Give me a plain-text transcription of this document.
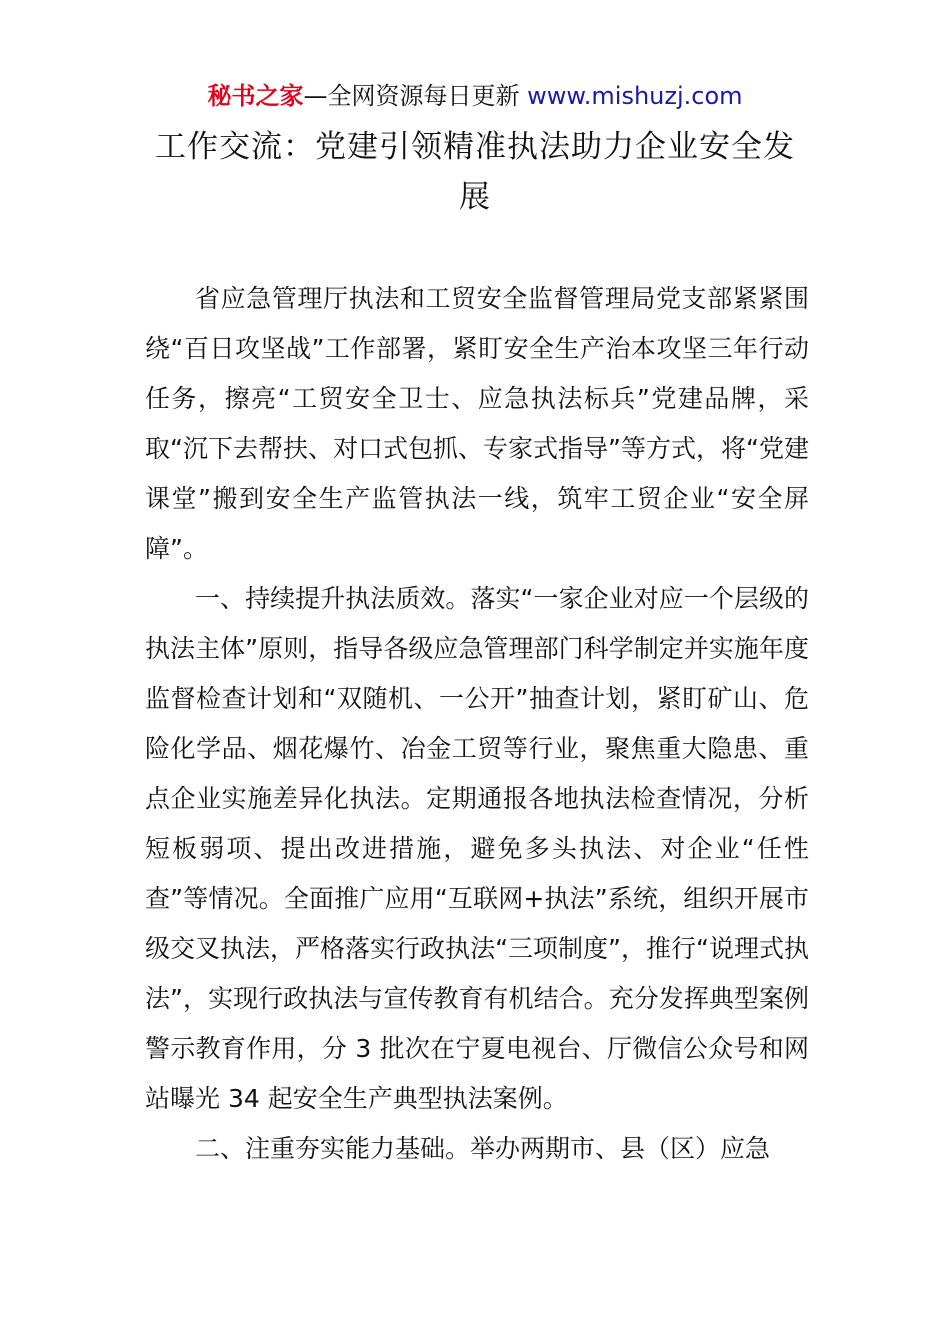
秘书之家—全网资源每日更新 www.mishuzj.com
工作交流：党建引领精准执法助力企业安全发展

省应急管理厅执法和工贸安全监督管理局党支部紧紧围绕“百日攻坚战”工作部署，紧盯安全生产治本攻坚三年行动任务，擦亮“工贸安全卫士、应急执法标兵”党建品牌，采取“沉下去帮扶、对口式包抓、专家式指导”等方式，将“党建课堂”搬到安全生产监管执法一线，筑牢工贸企业“安全屏障”。

一、持续提升执法质效。落实“一家企业对应一个层级的执法主体”原则，指导各级应急管理部门科学制定并实施年度监督检查计划和“双随机、一公开”抽查计划，紧盯矿山、危险化学品、烟花爆竹、冶金工贸等行业，聚焦重大隐患、重点企业实施差异化执法。定期通报各地执法检查情况，分析短板弱项、提出改进措施，避免多头执法、对企业“任性查”等情况。全面推广应用“互联网+执法”系统，组织开展市级交叉执法，严格落实行政执法“三项制度”，推行“说理式执法”，实现行政执法与宣传教育有机结合。充分发挥典型案例警示教育作用，分 3 批次在宁夏电视台、厅微信公众号和网站曝光 34 起安全生产典型执法案例。

二、注重夯实能力基础。举办两期市、县（区）应急
